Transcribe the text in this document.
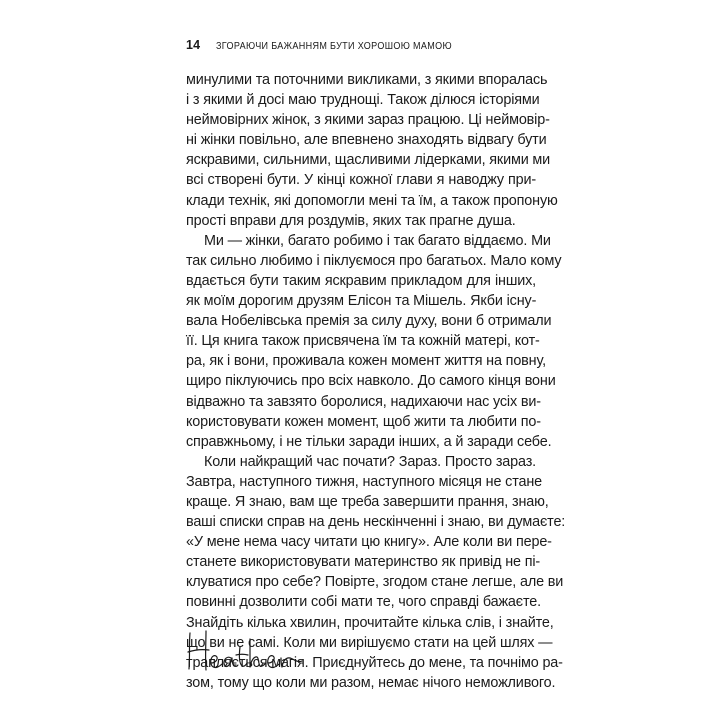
14 ЗГОРАЮЧИ БАЖАННЯМ БУТИ ХОРОШОЮ МАМОЮ
минулими та поточними викликами, з якими впоралась
і з якими й досі маю труднощі. Також ділюся історіями
неймовірних жінок, з якими зараз працюю. Ці неймовір-
ні жінки повільно, але впевнено знаходять відвагу бути
яскравими, сильними, щасливими лідерками, якими ми
всі створені бути. У кінці кожної глави я наводжу при-
клади технік, які допомогли мені та їм, а також пропоную
прості вправи для роздумів, яких так прагне душа.
Ми — жінки, багато робимо і так багато віддаємо. Ми
так сильно любимо і піклуємося про багатьох. Мало кому
вдається бути таким яскравим прикладом для інших,
як моїм дорогим друзям Елісон та Мішель. Якби існу-
вала Нобелівська премія за силу духу, вони б отримали
її. Ця книга також присвячена їм та кожній матері, кот-
ра, як і вони, проживала кожен момент життя на повну,
щиро піклуючись про всіх навколо. До самого кінця вони
відважно та завзято боролися, надихаючи нас усіх ви-
користовувати кожен момент, щоб жити та любити по-
справжньому, і не тільки заради інших, а й заради себе.
Коли найкращий час почати? Зараз. Просто зараз.
Завтра, наступного тижня, наступного місяця не стане
краще. Я знаю, вам ще треба завершити прання, знаю,
ваші списки справ на день нескінченні і знаю, ви думаєте:
«У мене нема часу читати цю книгу». Але коли ви пере-
станете використовувати материнство як привід не пі-
клуватися про себе? Повірте, згодом стане легше, але ви
повинні дозволити собі мати те, чого справді бажаєте.
Знайдіть кілька хвилин, прочитайте кілька слів, і знайте,
що ви не самі. Коли ми вирішуємо стати на цей шлях —
трапляється магія. Приєднуйтесь до мене, та почнімо ра-
зом, тому що коли ми разом, немає нічого неможливого.
